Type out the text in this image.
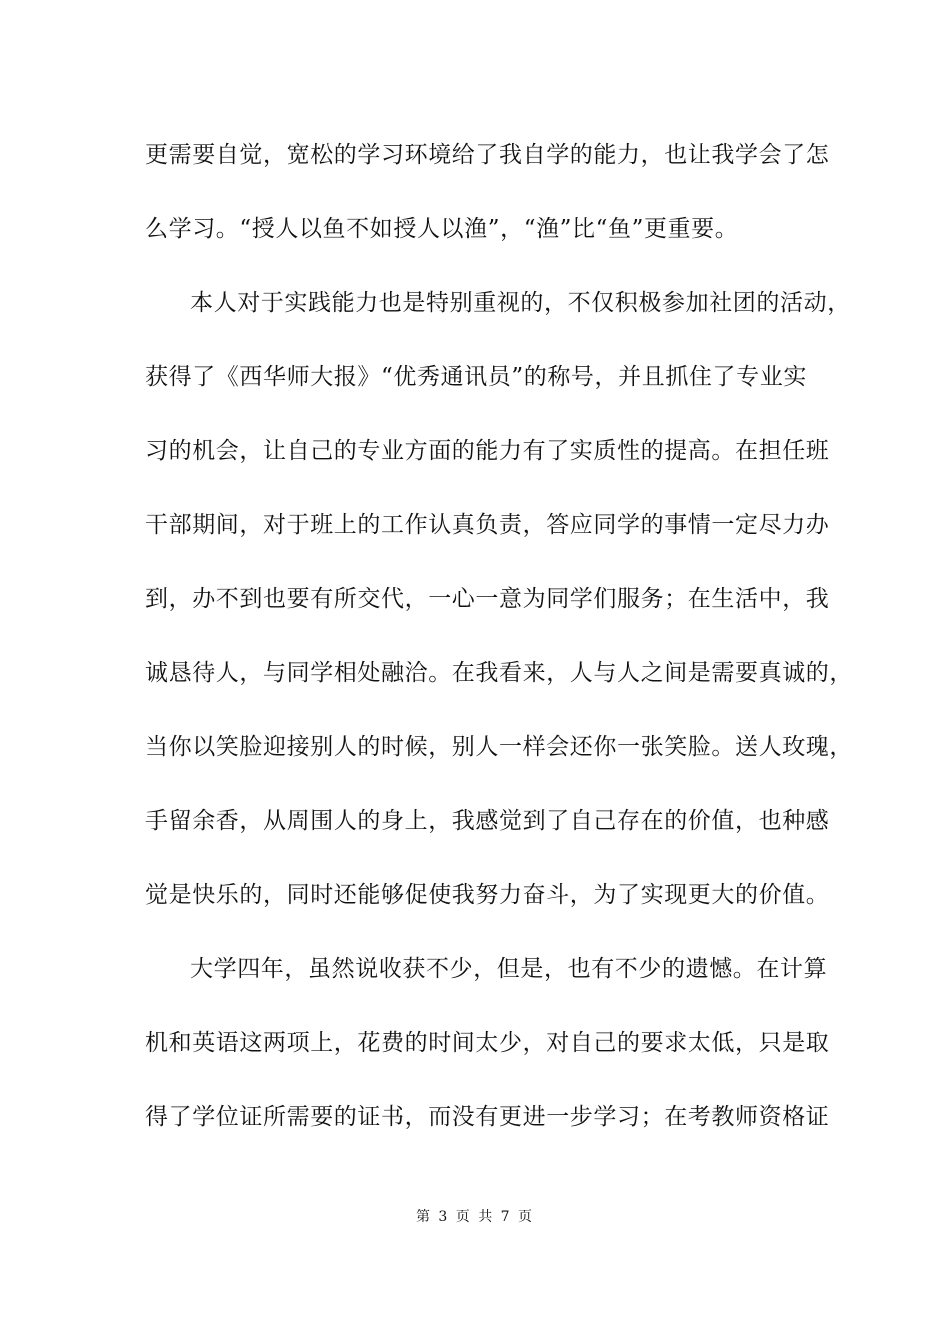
更需要自觉，宽松的学习环境给了我自学的能力，也让我学会了怎
么学习。“授人以鱼不如授人以渔”，“渔”比“鱼”更重要。
本人对于实践能力也是特别重视的，不仅积极参加社团的活动，
获得了《西华师大报》“优秀通讯员”的称号，并且抓住了专业实
习的机会，让自己的专业方面的能力有了实质性的提高。在担任班
干部期间，对于班上的工作认真负责，答应同学的事情一定尽力办
到，办不到也要有所交代，一心一意为同学们服务；在生活中，我
诚恳待人，与同学相处融洽。在我看来，人与人之间是需要真诚的，
当你以笑脸迎接别人的时候，别人一样会还你一张笑脸。送人玫瑰，
手留余香，从周围人的身上，我感觉到了自己存在的价值，也种感
觉是快乐的，同时还能够促使我努力奋斗，为了实现更大的价值。
大学四年，虽然说收获不少，但是，也有不少的遗憾。在计算
机和英语这两项上，花费的时间太少，对自己的要求太低，只是取
得了学位证所需要的证书，而没有更进一步学习；在考教师资格证
第 3 页 共 7 页
